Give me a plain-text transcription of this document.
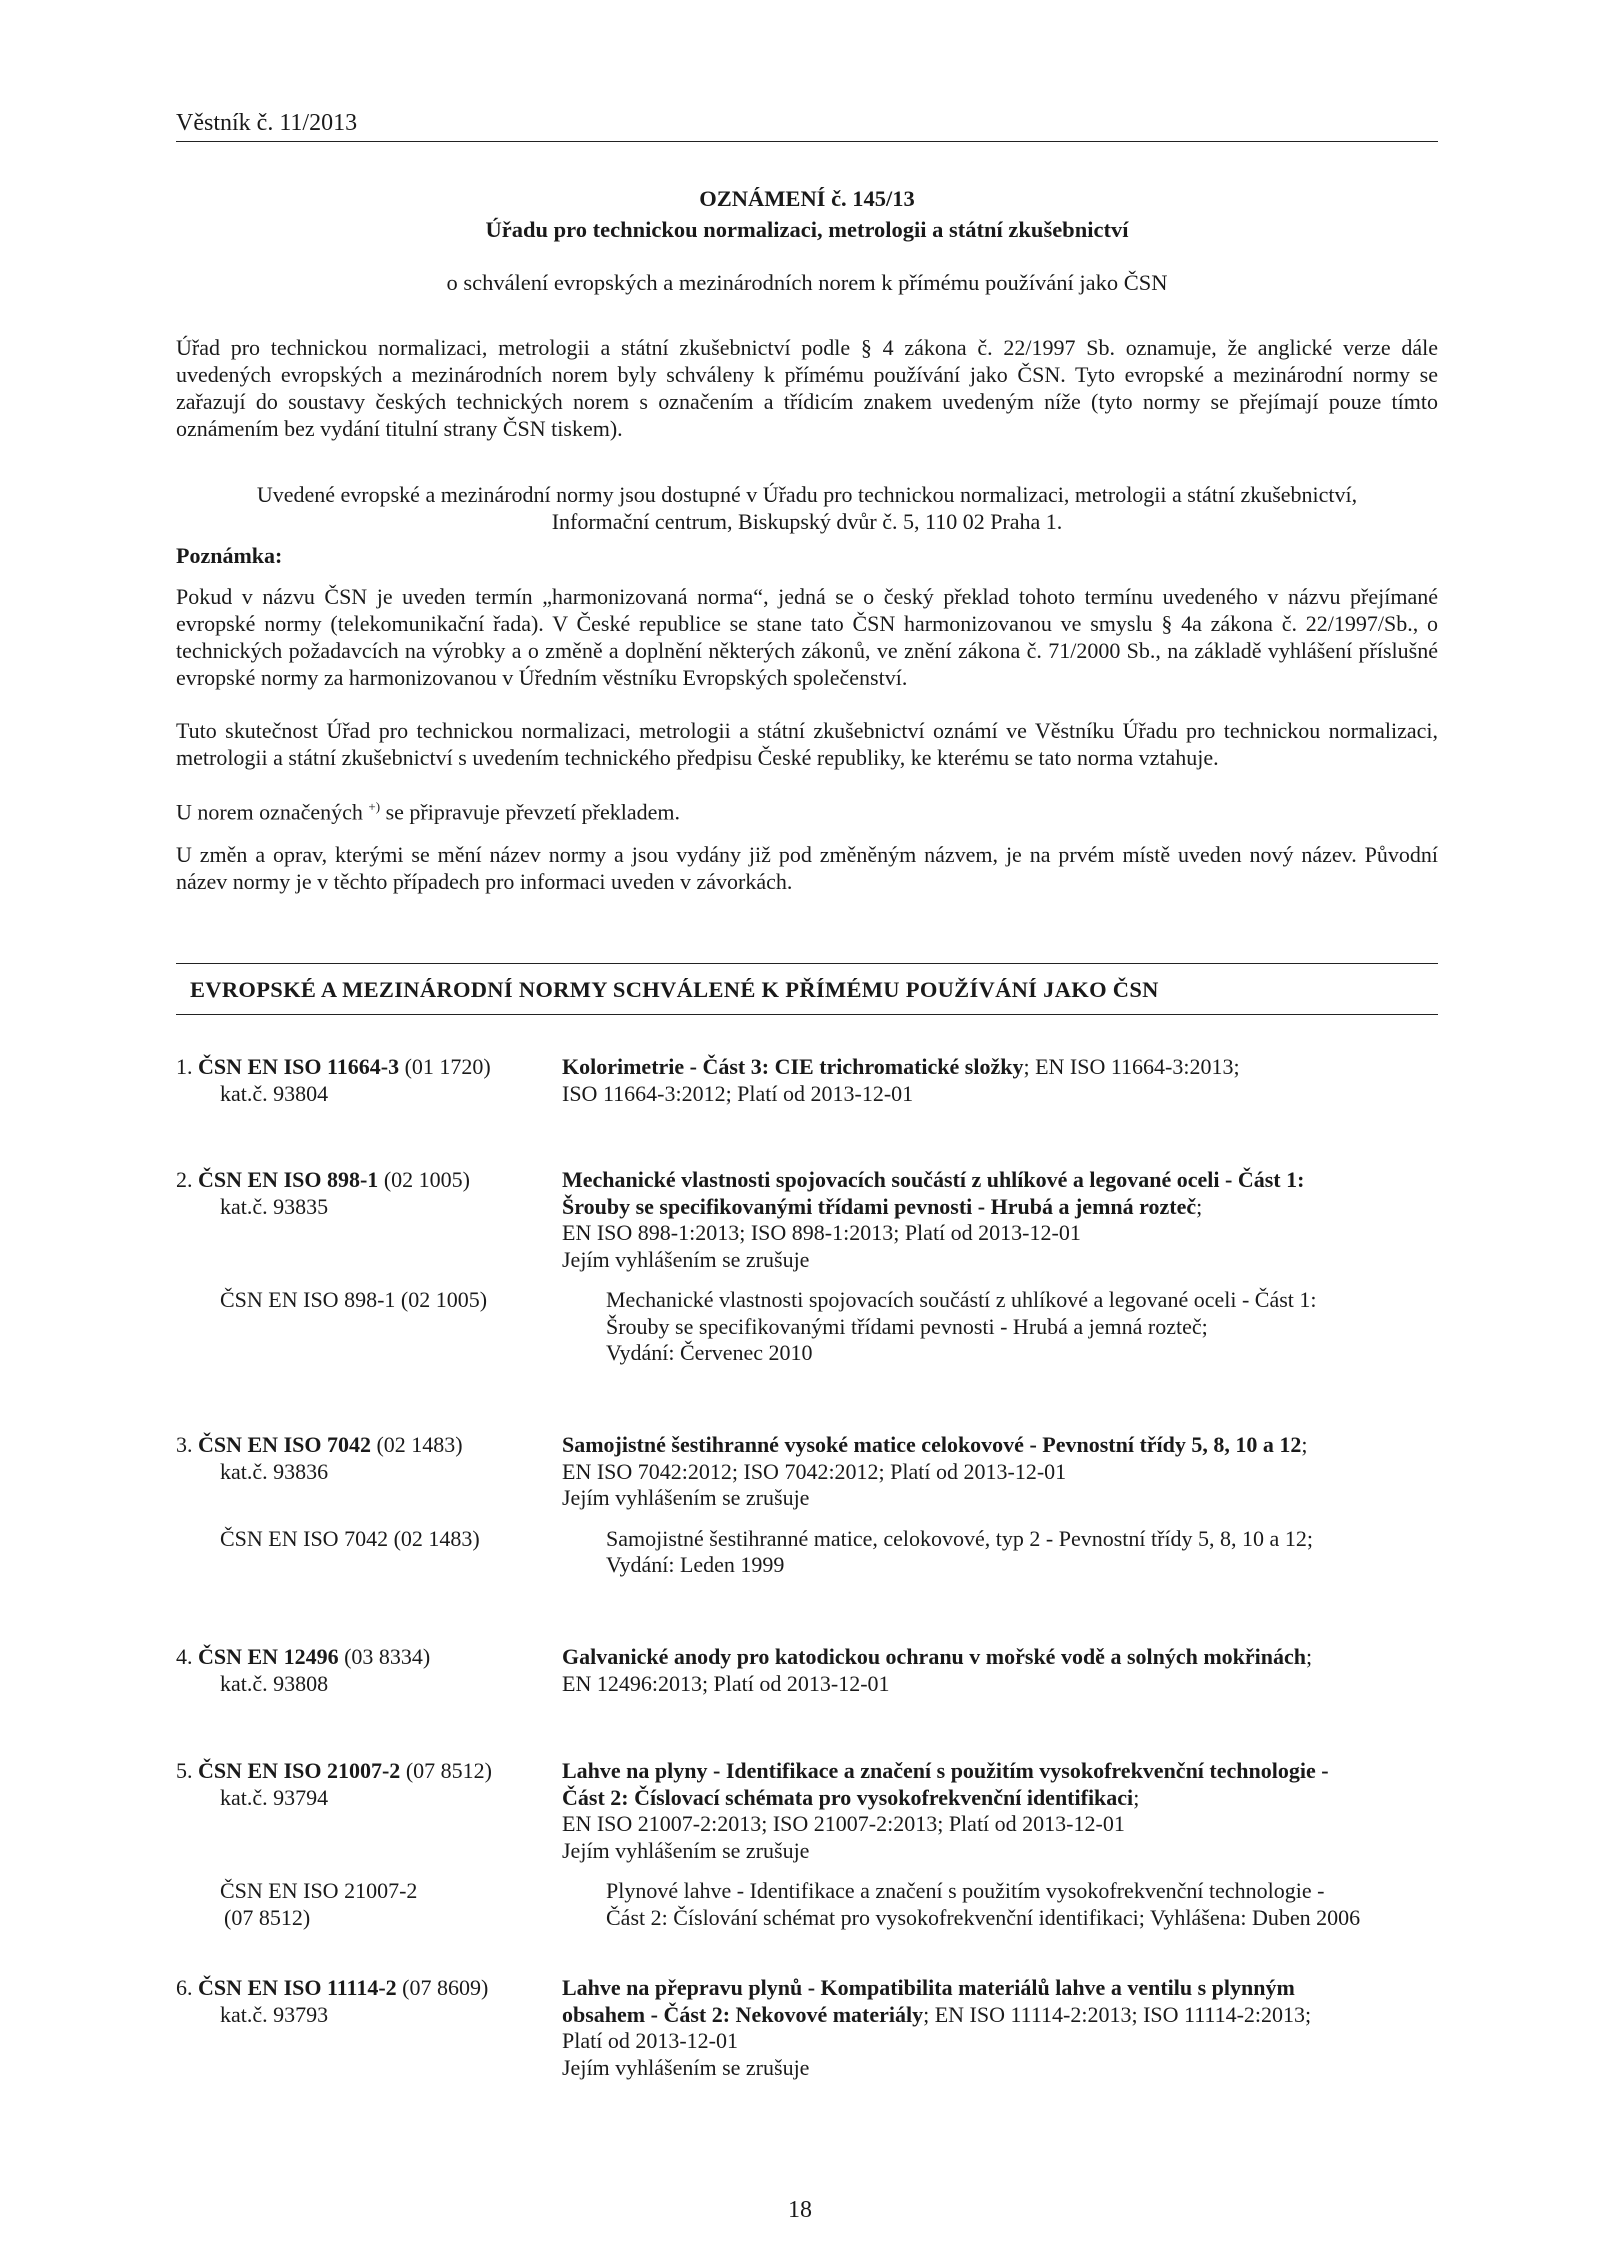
Věstník č. 11/2013
OZNÁMENÍ č. 145/13
Úřadu pro technickou normalizaci, metrologii a státní zkušebnictví
o schválení evropských a mezinárodních norem k přímému používání jako ČSN

Úřad pro technickou normalizaci, metrologii a státní zkušebnictví podle § 4 zákona č. 22/1997 Sb. oznamuje, že anglické verze dále uvedených evropských a mezinárodních norem byly schváleny k přímému používání jako ČSN. Tyto evropské a mezinárodní normy se zařazují do soustavy českých technických norem s označením a třídicím znakem uvedeným níže (tyto normy se přejímají pouze tímto oznámením bez vydání titulní strany ČSN tiskem).

Uvedené evropské a mezinárodní normy jsou dostupné v Úřadu pro technickou normalizaci, metrologii a státní zkušebnictví,
Informační centrum, Biskupský dvůr č. 5, 110 02 Praha 1.
Poznámka:

Pokud v názvu ČSN je uveden termín „harmonizovaná norma“, jedná se o český překlad tohoto termínu uvedeného v názvu přejímané evropské normy (telekomunikační řada). V České republice se stane tato ČSN harmonizovanou ve smyslu § 4a zákona č. 22/1997/Sb., o technických požadavcích na výrobky a o změně a doplnění některých zákonů, ve znění zákona č. 71/2000 Sb., na základě vyhlášení příslušné evropské normy za harmonizovanou v Úředním věstníku Evropských společenství.

Tuto skutečnost Úřad pro technickou normalizaci, metrologii a státní zkušebnictví oznámí ve Věstníku Úřadu pro technickou normalizaci, metrologii a státní zkušebnictví s uvedením technického předpisu České republiky, ke kterému se tato norma vztahuje.

U norem označených +) se připravuje převzetí překladem.

U změn a oprav, kterými se mění název normy a jsou vydány již pod změněným názvem, je na prvém místě uveden nový název. Původní název normy je v těchto případech pro informaci uveden v závorkách.

EVROPSKÉ A MEZINÁRODNÍ NORMY SCHVÁLENÉ K PŘÍMÉMU POUŽÍVÁNÍ JAKO ČSN
1. ČSN EN ISO 11664-3 (01 1720)
kat.č. 93804
Kolorimetrie - Část 3: CIE trichromatické složky; EN ISO 11664-3:2013;
ISO 11664-3:2012; Platí od 2013-12-01
2. ČSN EN ISO 898-1 (02 1005)
kat.č. 93835
Mechanické vlastnosti spojovacích součástí z uhlíkové a legované oceli - Část 1:
Šrouby se specifikovanými třídami pevnosti - Hrubá a jemná rozteč;
EN ISO 898-1:2013; ISO 898-1:2013; Platí od 2013-12-01
Jejím vyhlášením se zrušuje
ČSN EN ISO 898-1 (02 1005)	Mechanické vlastnosti spojovacích součástí z uhlíkové a legované oceli - Část 1:
Šrouby se specifikovanými třídami pevnosti - Hrubá a jemná rozteč;
Vydání: Červenec 2010
3. ČSN EN ISO 7042 (02 1483)
kat.č. 93836
Samojistné šestihranné vysoké matice celokovové - Pevnostní třídy 5, 8, 10 a 12;
EN ISO 7042:2012; ISO 7042:2012; Platí od 2013-12-01
Jejím vyhlášením se zrušuje
ČSN EN ISO 7042 (02 1483)	Samojistné šestihranné matice, celokovové, typ 2 - Pevnostní třídy 5, 8, 10 a 12;
Vydání: Leden 1999
4. ČSN EN 12496 (03 8334)
kat.č. 93808
Galvanické anody pro katodickou ochranu v mořské vodě a solných mokřinách;
EN 12496:2013; Platí od 2013-12-01
5. ČSN EN ISO 21007-2 (07 8512)
kat.č. 93794
Lahve na plyny - Identifikace a značení s použitím vysokofrekvenční technologie -
Část 2: Číslovací schémata pro vysokofrekvenční identifikaci;
EN ISO 21007-2:2013; ISO 21007-2:2013; Platí od 2013-12-01
Jejím vyhlášením se zrušuje
ČSN EN ISO 21007-2
(07 8512)
Plynové lahve - Identifikace a značení s použitím vysokofrekvenční technologie -
Část 2: Číslování schémat pro vysokofrekvenční identifikaci; Vyhlášena: Duben 2006
6. ČSN EN ISO 11114-2 (07 8609)
kat.č. 93793
Lahve na přepravu plynů - Kompatibilita materiálů lahve a ventilu s plynným
obsahem - Část 2: Nekovové materiály; EN ISO 11114-2:2013; ISO 11114-2:2013;
Platí od 2013-12-01
Jejím vyhlášením se zrušuje
18
